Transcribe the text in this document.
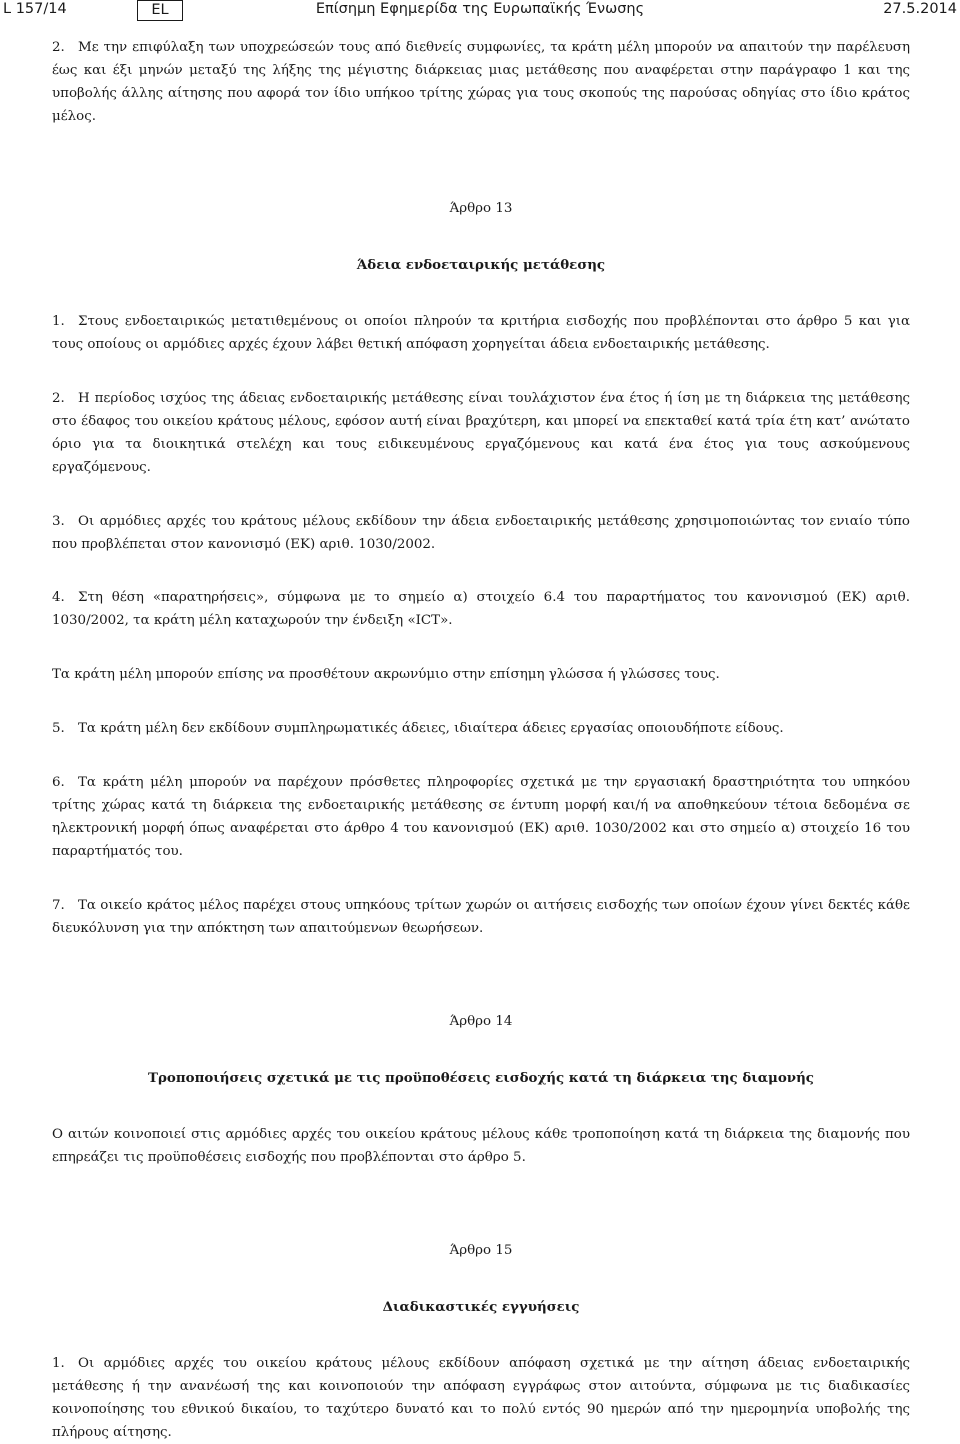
L 157/14	EL	Επίσημη Εφημερίδα της Ευρωπαϊκής Ένωσης	27.5.2014

2. Με την επιφύλαξη των υποχρεώσεών τους από διεθνείς συμφωνίες, τα κράτη μέλη μπορούν να απαιτούν την παρέλευση έως και έξι μηνών μεταξύ της λήξης της μέγιστης διάρκειας μιας μετάθεσης που αναφέρεται στην παράγραφο 1 και της υποβολής άλλης αίτησης που αφορά τον ίδιο υπήκοο τρίτης χώρας για τους σκοπούς της παρούσας οδηγίας στο ίδιο κράτος μέλος.

Άρθρο 13

Άδεια ενδοεταιρικής μετάθεσης

1. Στους ενδοεταιρικώς μετατιθεμένους οι οποίοι πληρούν τα κριτήρια εισδοχής που προβλέπονται στο άρθρο 5 και για τους οποίους οι αρμόδιες αρχές έχουν λάβει θετική απόφαση χορηγείται άδεια ενδοεταιρικής μετάθεσης.

2. Η περίοδος ισχύος της άδειας ενδοεταιρικής μετάθεσης είναι τουλάχιστον ένα έτος ή ίση με τη διάρκεια της μετάθεσης στο έδαφος του οικείου κράτους μέλους, εφόσον αυτή είναι βραχύτερη, και μπορεί να επεκταθεί κατά τρία έτη κατ’ ανώτατο όριο για τα διοικητικά στελέχη και τους ειδικευμένους εργαζόμενους και κατά ένα έτος για τους ασκούμενους εργαζόμενους.

3. Οι αρμόδιες αρχές του κράτους μέλους εκδίδουν την άδεια ενδοεταιρικής μετάθεσης χρησιμοποιώντας τον ενιαίο τύπο που προβλέπεται στον κανονισμό (ΕΚ) αριθ. 1030/2002.

4. Στη θέση «παρατηρήσεις», σύμφωνα με το σημείο α) στοιχείο 6.4 του παραρτήματος του κανονισμού (ΕΚ) αριθ. 1030/2002, τα κράτη μέλη καταχωρούν την ένδειξη «ICT».

Τα κράτη μέλη μπορούν επίσης να προσθέτουν ακρωνύμιο στην επίσημη γλώσσα ή γλώσσες τους.

5. Τα κράτη μέλη δεν εκδίδουν συμπληρωματικές άδειες, ιδιαίτερα άδειες εργασίας οποιουδήποτε είδους.

6. Τα κράτη μέλη μπορούν να παρέχουν πρόσθετες πληροφορίες σχετικά με την εργασιακή δραστηριότητα του υπηκόου τρίτης χώρας κατά τη διάρκεια της ενδοεταιρικής μετάθεσης σε έντυπη μορφή και/ή να αποθηκεύουν τέτοια δεδομένα σε ηλεκτρονική μορφή όπως αναφέρεται στο άρθρο 4 του κανονισμού (ΕΚ) αριθ. 1030/2002 και στο σημείο α) στοιχείο 16 του παραρτήματός του.

7. Τα οικείο κράτος μέλος παρέχει στους υπηκόους τρίτων χωρών οι αιτήσεις εισδοχής των οποίων έχουν γίνει δεκτές κάθε διευκόλυνση για την απόκτηση των απαιτούμενων θεωρήσεων.

Άρθρο 14

Τροποποιήσεις σχετικά με τις προϋποθέσεις εισδοχής κατά τη διάρκεια της διαμονής

Ο αιτών κοινοποιεί στις αρμόδιες αρχές του οικείου κράτους μέλους κάθε τροποποίηση κατά τη διάρκεια της διαμονής που επηρεάζει τις προϋποθέσεις εισδοχής που προβλέπονται στο άρθρο 5.

Άρθρο 15

Διαδικαστικές εγγυήσεις

1. Οι αρμόδιες αρχές του οικείου κράτους μέλους εκδίδουν απόφαση σχετικά με την αίτηση άδειας ενδοεταιρικής μετάθεσης ή την ανανέωσή της και κοινοποιούν την απόφαση εγγράφως στον αιτούντα, σύμφωνα με τις διαδικασίες κοινοποίησης του εθνικού δικαίου, το ταχύτερο δυνατό και το πολύ εντός 90 ημερών από την ημερομηνία υποβολής της πλήρους αίτησης.
